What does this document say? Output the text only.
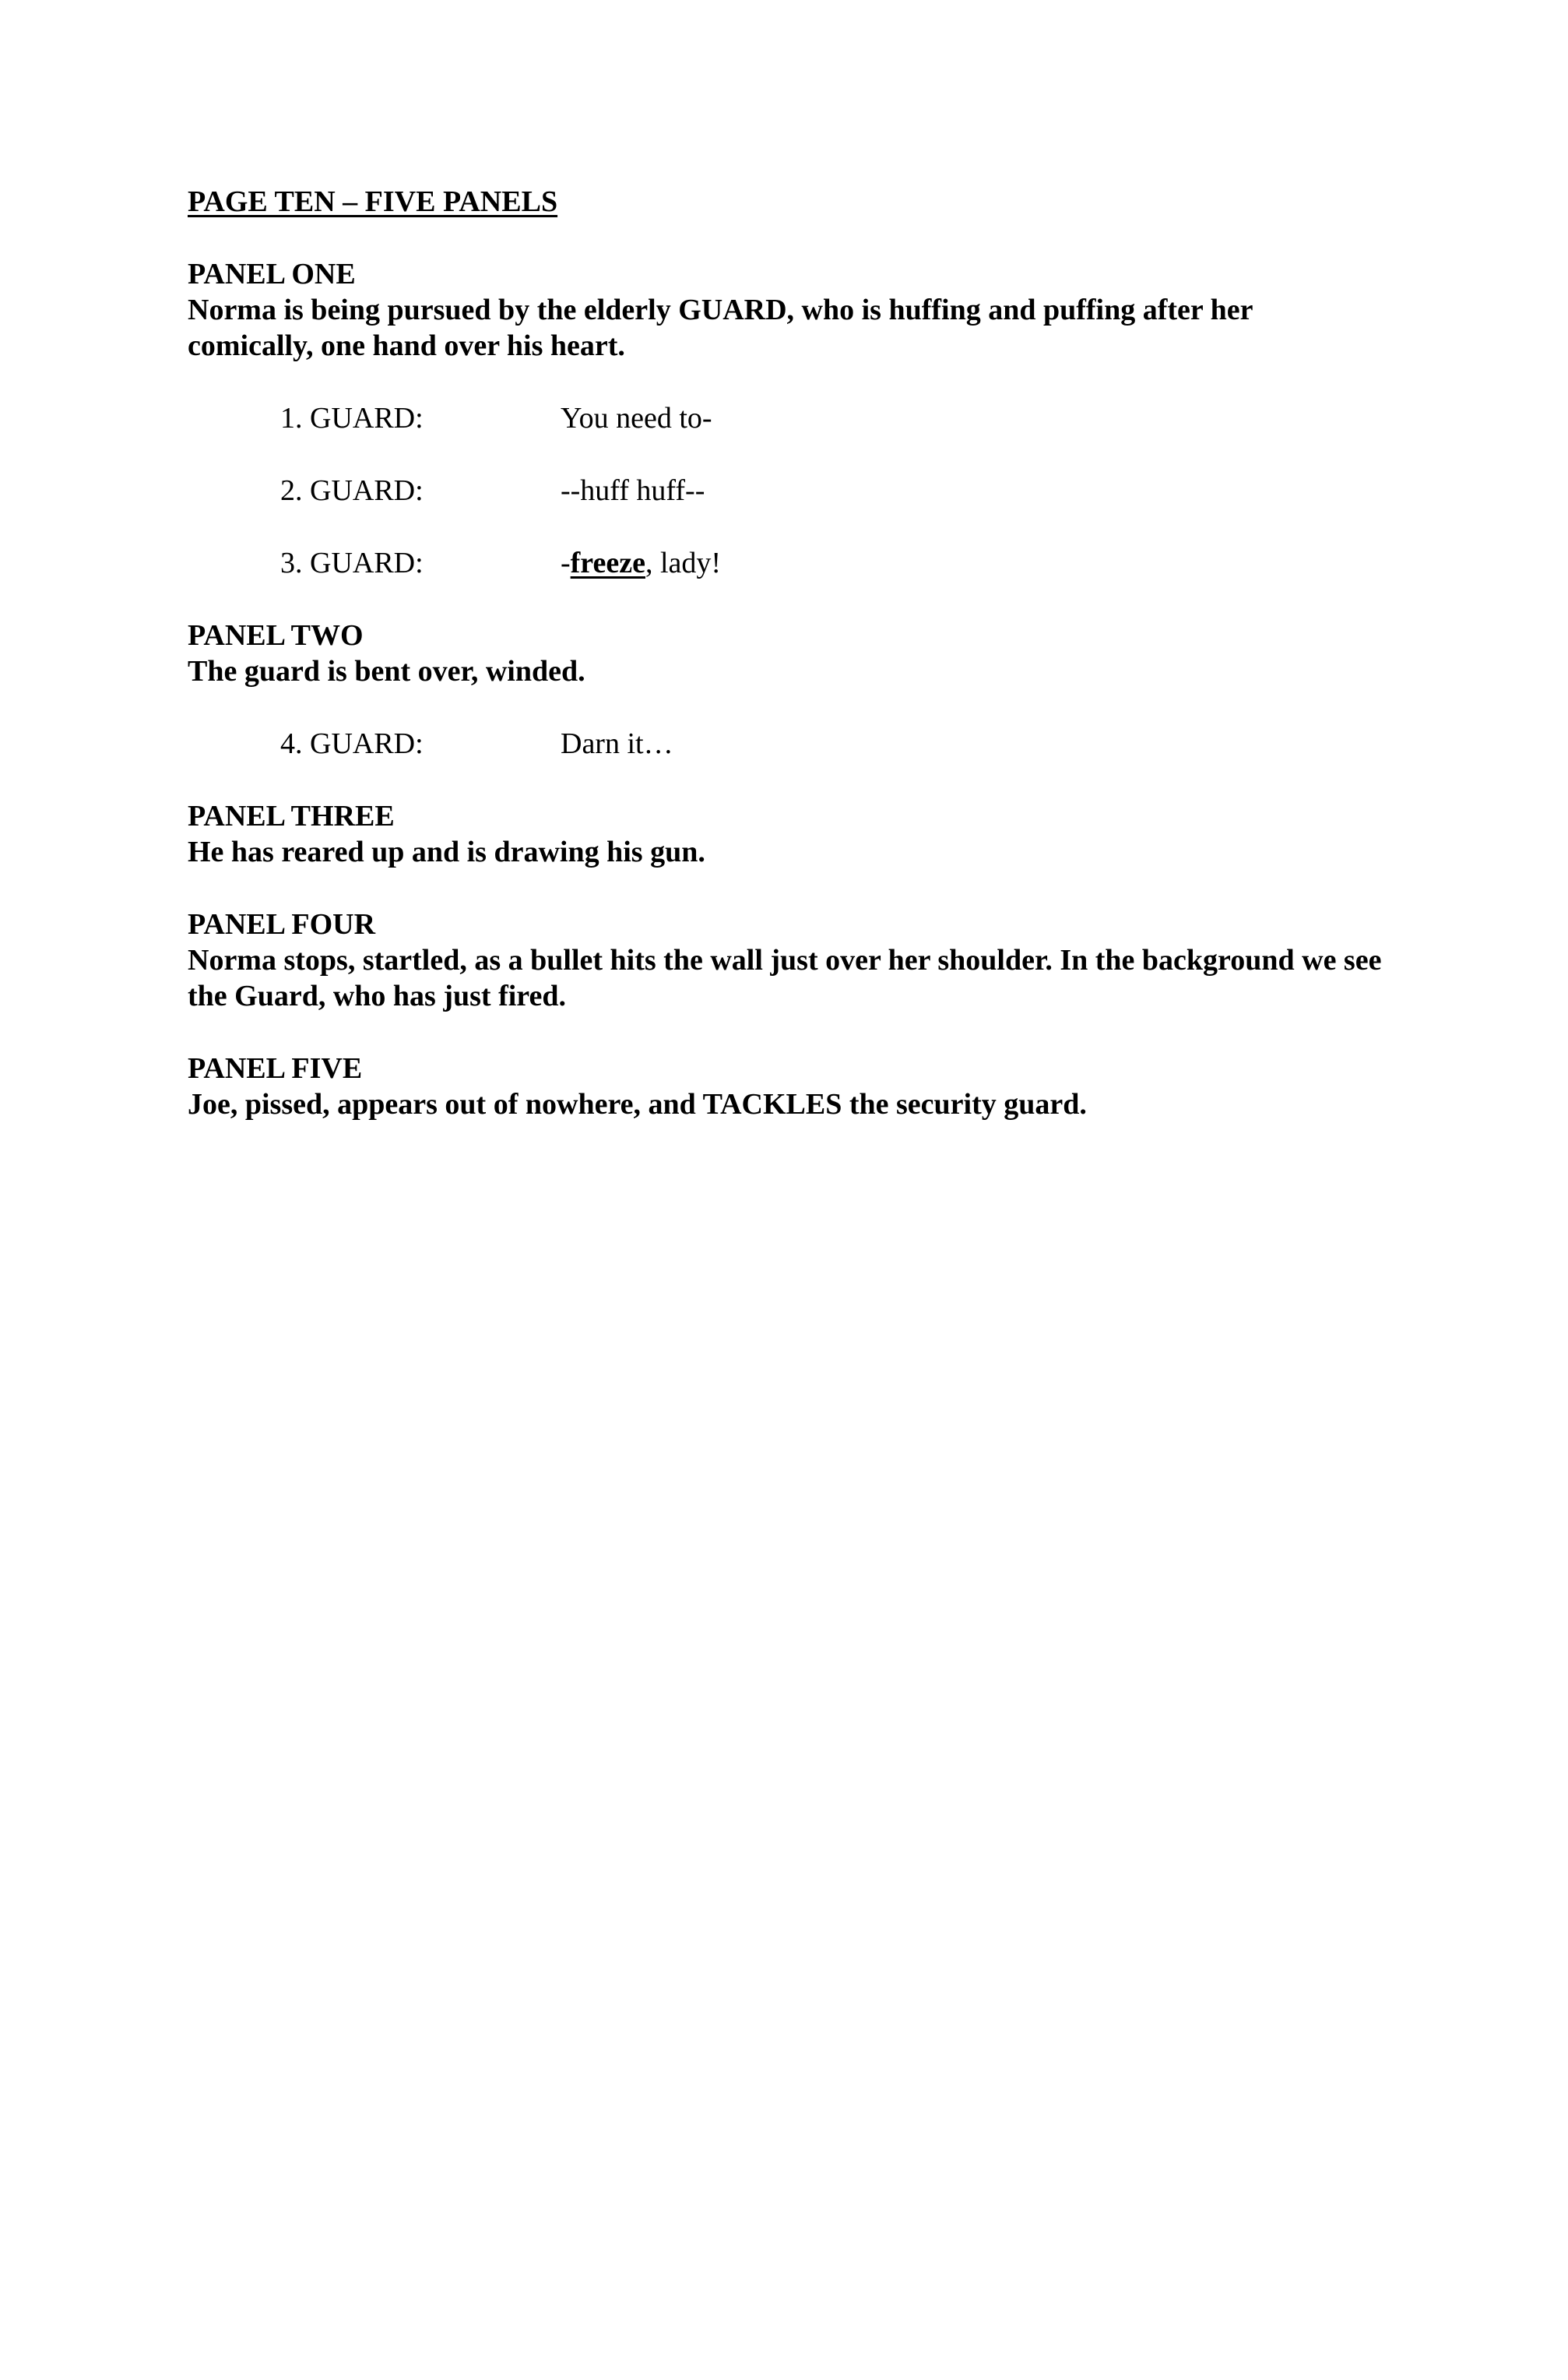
PAGE TEN – FIVE PANELS
PANEL ONE
Norma is being pursued by the elderly GUARD, who is huffing and puffing after her comically, one hand over his heart.
1. GUARD:	You need to-
2. GUARD:	--huff huff--
3. GUARD:	-freeze, lady!
PANEL TWO
The guard is bent over, winded.
4. GUARD:	Darn it…
PANEL THREE
He has reared up and is drawing his gun.
PANEL FOUR
Norma stops, startled, as a bullet hits the wall just over her shoulder. In the background we see the Guard, who has just fired.
PANEL FIVE
Joe, pissed, appears out of nowhere, and TACKLES the security guard.
